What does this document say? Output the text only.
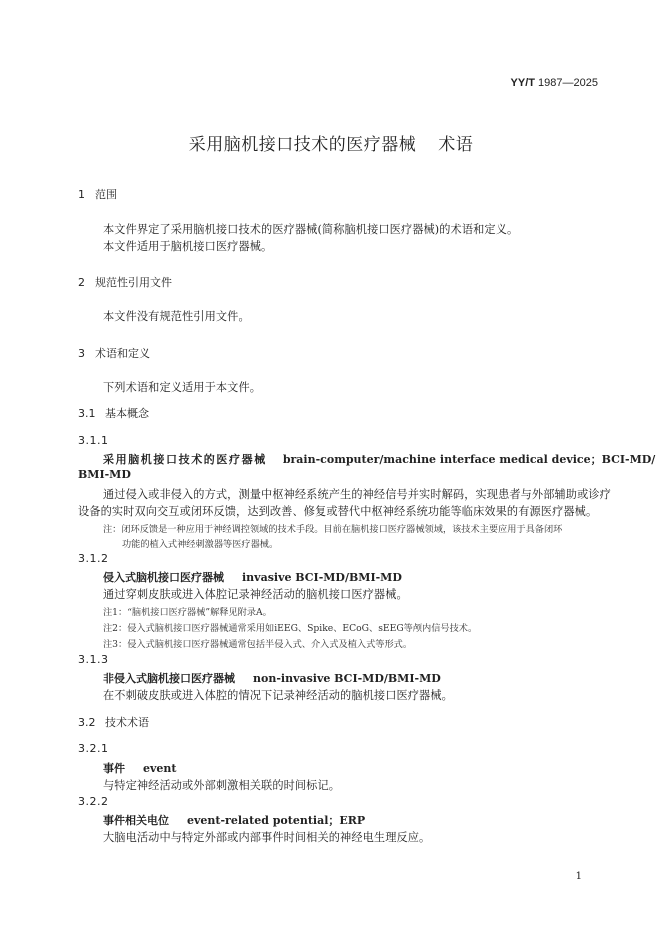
YY/T 1987—2025
采用脑机接口技术的医疗器械 术语
1 范围
本文件界定了采用脑机接口技术的医疗器械(简称脑机接口医疗器械)的术语和定义。
本文件适用于脑机接口医疗器械。
2 规范性引用文件
本文件没有规范性引用文件。
3 术语和定义
下列术语和定义适用于本文件。
3.1 基本概念
3.1.1
采用脑机接口技术的医疗器械 brain-computer/machine interface medical device；BCI-MD/
BMI-MD
通过侵入或非侵入的方式，测量中枢神经系统产生的神经信号并实时解码，实现患者与外部辅助或诊疗
设备的实时双向交互或闭环反馈，达到改善、修复或替代中枢神经系统功能等临床效果的有源医疗器械。
注：闭环反馈是一种应用于神经调控领域的技术手段。目前在脑机接口医疗器械领域，该技术主要应用于具备闭环
功能的植入式神经刺激器等医疗器械。
3.1.2
侵入式脑机接口医疗器械 invasive BCI-MD/BMI-MD
通过穿刺皮肤或进入体腔记录神经活动的脑机接口医疗器械。
注1：“脑机接口医疗器械”解释见附录A。
注2：侵入式脑机接口医疗器械通常采用如iEEG、Spike、ECoG、sEEG等颅内信号技术。
注3：侵入式脑机接口医疗器械通常包括半侵入式、介入式及植入式等形式。
3.1.3
非侵入式脑机接口医疗器械 non-invasive BCI-MD/BMI-MD
在不刺破皮肤或进入体腔的情况下记录神经活动的脑机接口医疗器械。
3.2 技术术语
3.2.1
事件 event
与特定神经活动或外部刺激相关联的时间标记。
3.2.2
事件相关电位 event-related potential；ERP
大脑电活动中与特定外部或内部事件时间相关的神经电生理反应。
1
